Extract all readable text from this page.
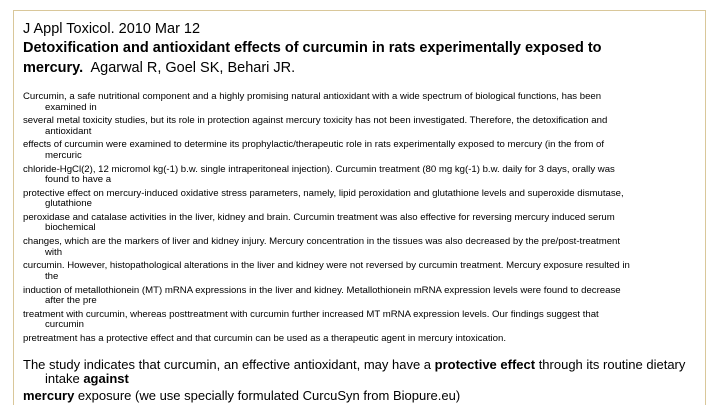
J Appl Toxicol. 2010 Mar 12

Detoxification and antioxidant effects of curcumin in rats experimentally exposed to

mercury. Agarwal R, Goel SK, Behari JR.

Curcumin, a safe nutritional component and a highly promising natural antioxidant with a wide spectrum of biological functions, has been
examined in

several metal toxicity studies, but its role in protection against mercury toxicity has not been investigated. Therefore, the detoxification and
antioxidant

effects of curcumin were examined to determine its prophylactic/therapeutic role in rats experimentally exposed to mercury (in the from of
mercuric

chloride-HgCl(2), 12 micromol kg(-1) b.w. single intraperitoneal injection). Curcumin treatment (80 mg kg(-1) b.w. daily for 3 days, orally was
found to have a

protective effect on mercury-induced oxidative stress parameters, namely, lipid peroxidation and glutathione levels and superoxide dismutase,
glutathione

peroxidase and catalase activities in the liver, kidney and brain. Curcumin treatment was also effective for reversing mercury induced serum
biochemical

changes, which are the markers of liver and kidney injury. Mercury concentration in the tissues was also decreased by the pre/post-treatment
with

curcumin. However, histopathological alterations in the liver and kidney were not reversed by curcumin treatment. Mercury exposure resulted in
the

induction of metallothionein (MT) mRNA expressions in the liver and kidney. Metallothionein mRNA expression levels were found to decrease
after the pre

treatment with curcumin, whereas posttreatment with curcumin further increased MT mRNA expression levels. Our findings suggest that
curcumin

pretreatment has a protective effect and that curcumin can be used as a therapeutic agent in mercury intoxication.

The study indicates that curcumin, an effective antioxidant, may have a protective effect through its routine dietary
intake against
mercury exposure (we use specially formulated CurcuSyn from Biopure.eu)
